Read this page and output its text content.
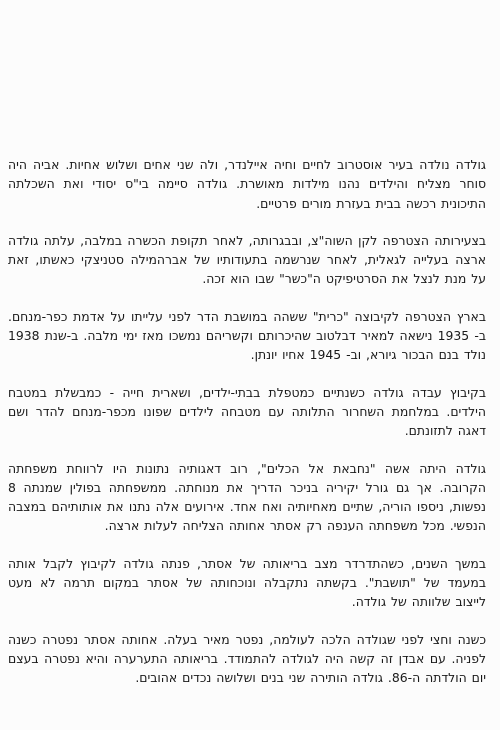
גולדה נולדה בעיר אוסטרוב לחיים וחיה איילנדר, ולה שני אחים ושלוש אחיות. אביה היה סוחר מצליח והילדים נהנו מילדות מאושרת. גולדה סיימה בי"ס יסודי ואת השכלתה התיכונית רכשה בבית בעזרת מורים פרטיים.

בצעירותה הצטרפה לקן השוה"צ, ובבגרותה, לאחר תקופת הכשרה במלבה, עלתה גולדה ארצה בעלייה לגאלית, לאחר שנרשמה בתעודותיו של אברהמילה סטניצקי כאשתו, זאת על מנת לנצל את הסרטיפיקט ה"כשר" שבו הוא זכה.

בארץ הצטרפה לקיבוצה "כרית" ששהה במושבת הדר לפני עלייתו על אדמת כפר-מנחם. ב- 1935 נישאה למאיר דבלטוב שהיכרותם וקשריהם נמשכו מאז ימי מלבה. ב-שנת 1938 נולד בנם הבכור גיורא, וב- 1945 אחיו יונתן.

בקיבוץ עבדה גולדה כשנתיים כמטפלת בבתי-ילדים, ושארית חייה - כמבשלת במטבח הילדים. במלחמת השחרור התלותה עם מטבחה לילדים שפונו מכפר-מנחם להדר ושם דאגה לתזונתם.

גולדה היתה אשה "נחבאת אל הכלים", רוב דאגותיה נתונות היו לרווחת משפחתה הקרובה. אך גם גורל יקיריה בניכר הדריך את מנוחתה. ממשפחתה בפולין שמנתה 8 נפשות, ניספו הוריה, שתיים מאחיותיה ואח אחד. אירועים אלה נתנו את אותותיהם במצבה הנפשי. מכל משפחתה הענפה רק אסתר אחותה הצליחה לעלות ארצה.

במשך השנים, כשהתדרדר מצב בריאותה של אסתר, פנתה גולדה לקיבוץ לקבל אותה במעמד של "תושבת". בקשתה נתקבלה ונוכחותה של אסתר במקום תרמה לא מעט לייצוב שלוותה של גולדה.

כשנה וחצי לפני שגולדה הלכה לעולמה, נפטר מאיר בעלה. אחותה אסתר נפטרה כשנה לפניה. עם אבדן זה קשה היה לגולדה להתמודד. בריאותה התערערה והיא נפטרה בעצם יום הולדתה ה-86. גולדה הותירה שני בנים ושלושה נכדים אהובים.
